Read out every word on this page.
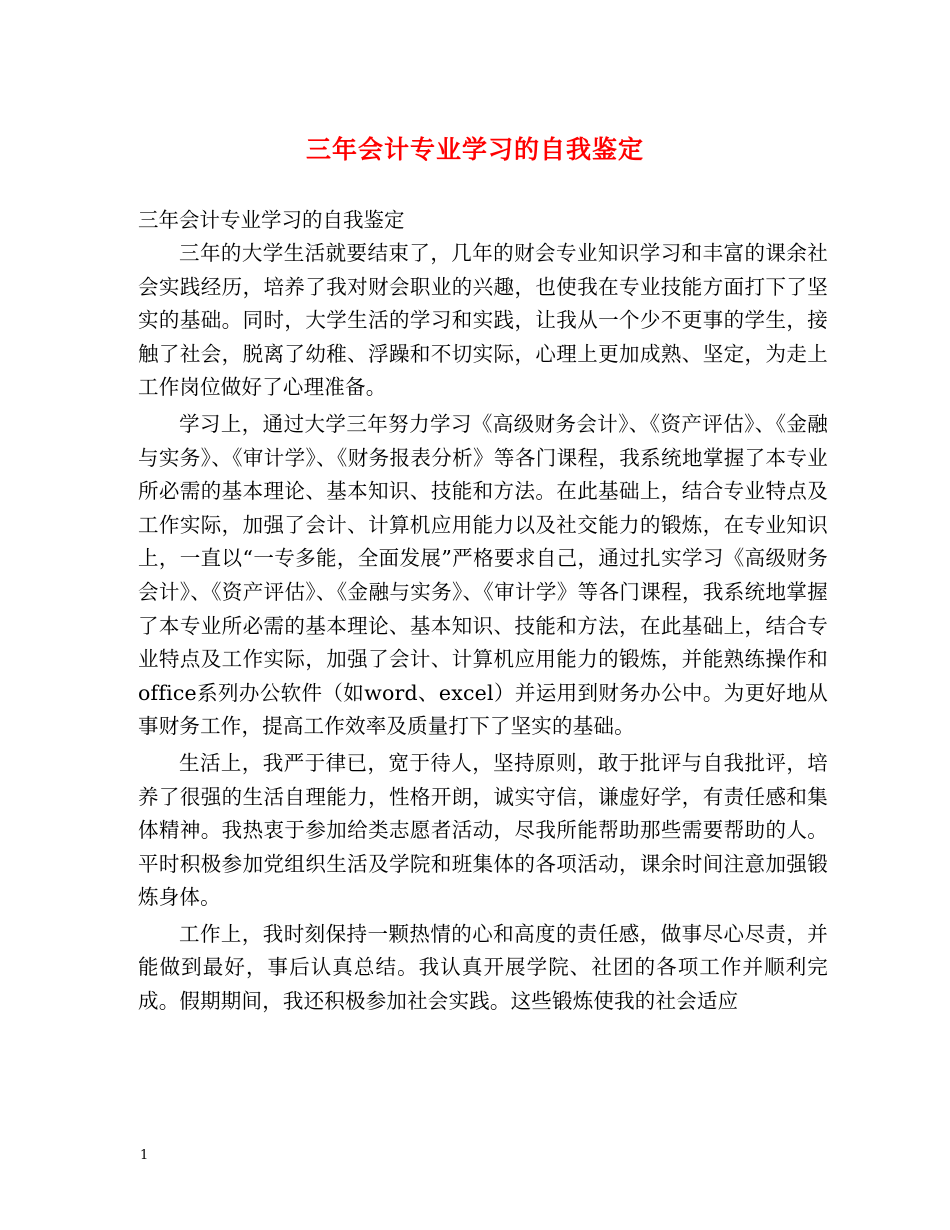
三年会计专业学习的自我鉴定

三年会计专业学习的自我鉴定

三年的大学生活就要结束了，几年的财会专业知识学习和丰富的课余社会实践经历，培养了我对财会职业的兴趣，也使我在专业技能方面打下了坚实的基础。同时，大学生活的学习和实践，让我从一个少不更事的学生，接触了社会，脱离了幼稚、浮躁和不切实际，心理上更加成熟、坚定，为走上工作岗位做好了心理准备。

学习上，通过大学三年努力学习《高级财务会计》、《资产评估》、《金融与实务》、《审计学》、《财务报表分析》等各门课程，我系统地掌握了本专业所必需的基本理论、基本知识、技能和方法。在此基础上，结合专业特点及工作实际，加强了会计、计算机应用能力以及社交能力的锻炼，在专业知识上，一直以“一专多能，全面发展”严格要求自己，通过扎实学习《高级财务会计》、《资产评估》、《金融与实务》、《审计学》等各门课程，我系统地掌握了本专业所必需的基本理论、基本知识、技能和方法，在此基础上，结合专业特点及工作实际，加强了会计、计算机应用能力的锻炼，并能熟练操作和office系列办公软件（如word、excel）并运用到财务办公中。为更好地从事财务工作，提高工作效率及质量打下了坚实的基础。

生活上，我严于律已，宽于待人，坚持原则，敢于批评与自我批评，培养了很强的生活自理能力，性格开朗，诚实守信，谦虚好学，有责任感和集体精神。我热衷于参加给类志愿者活动，尽我所能帮助那些需要帮助的人。平时积极参加党组织生活及学院和班集体的各项活动，课余时间注意加强锻炼身体。

工作上，我时刻保持一颗热情的心和高度的责任感，做事尽心尽责，并能做到最好，事后认真总结。我认真开展学院、社团的各项工作并顺利完成。假期期间，我还积极参加社会实践。这些锻炼使我的社会适应

1
